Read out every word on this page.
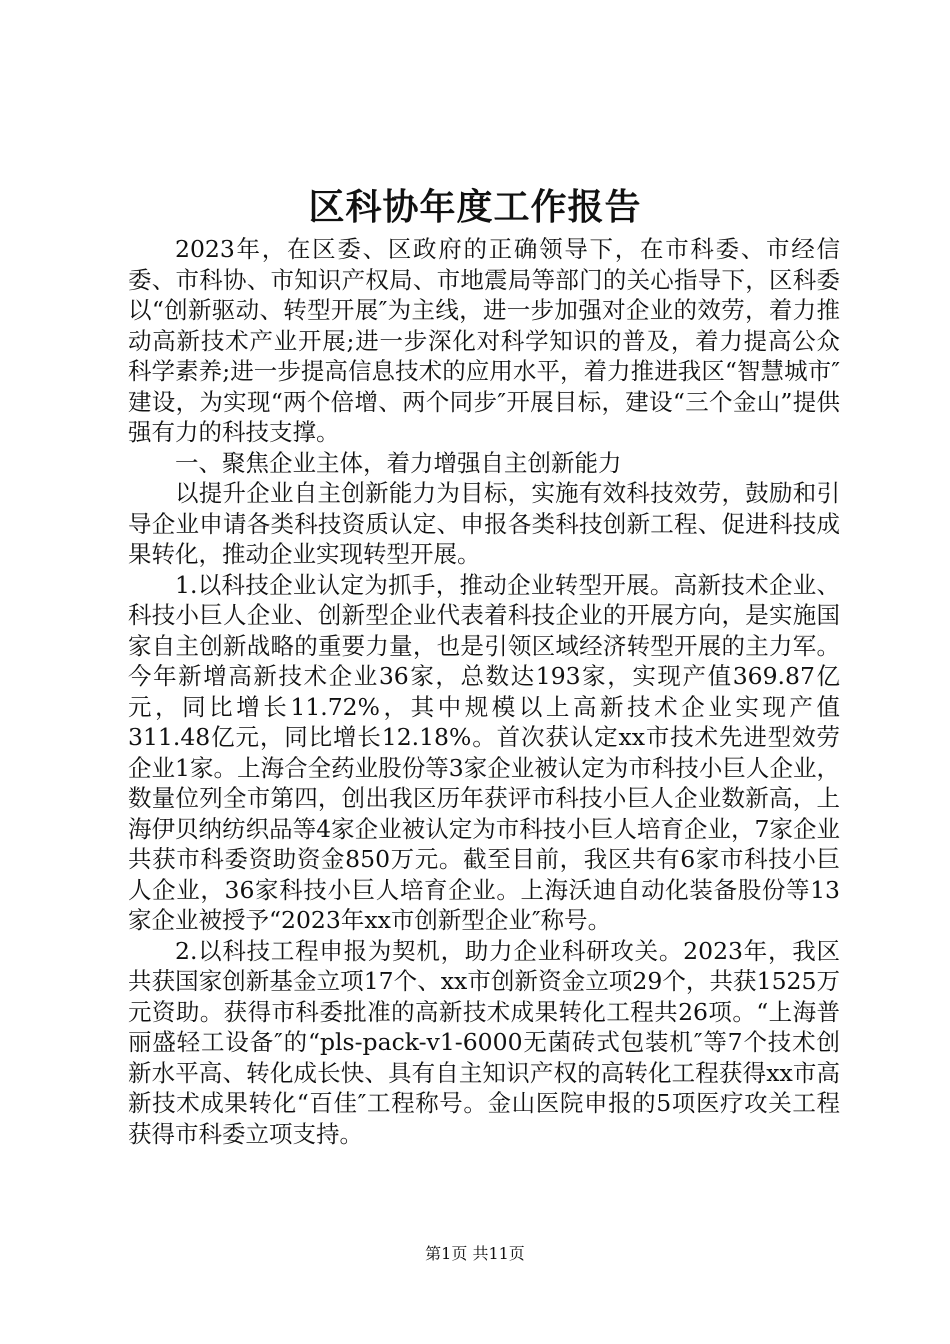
区科协年度工作报告

2023年，在区委、区政府的正确领导下，在市科委、市经信委、市科协、市知识产权局、市地震局等部门的关心指导下，区科委以“创新驱动、转型开展″为主线，进一步加强对企业的效劳，着力推动高新技术产业开展;进一步深化对科学知识的普及，着力提高公众科学素养;进一步提高信息技术的应用水平，着力推进我区“智慧城市″建设，为实现“两个倍增、两个同步″开展目标，建设“三个金山”提供强有力的科技支撑。

一、聚焦企业主体，着力增强自主创新能力

以提升企业自主创新能力为目标，实施有效科技效劳，鼓励和引导企业申请各类科技资质认定、申报各类科技创新工程、促进科技成果转化，推动企业实现转型开展。

1.以科技企业认定为抓手，推动企业转型开展。高新技术企业、科技小巨人企业、创新型企业代表着科技企业的开展方向，是实施国家自主创新战略的重要力量，也是引领区域经济转型开展的主力军。今年新增高新技术企业36家，总数达193家，实现产值369.87亿元，同比增长11.72%，其中规模以上高新技术企业实现产值311.48亿元，同比增长12.18%。首次获认定xx市技术先进型效劳企业1家。上海合全药业股份等3家企业被认定为市科技小巨人企业，数量位列全市第四，创出我区历年获评市科技小巨人企业数新高，上海伊贝纳纺织品等4家企业被认定为市科技小巨人培育企业，7家企业共获市科委资助资金850万元。截至目前，我区共有6家市科技小巨人企业，36家科技小巨人培育企业。上海沃迪自动化装备股份等13家企业被授予“2023年xx市创新型企业″称号。

2.以科技工程申报为契机，助力企业科研攻关。2023年，我区共获国家创新基金立项17个、xx市创新资金立项29个，共获1525万元资助。获得市科委批准的高新技术成果转化工程共26项。“上海普丽盛轻工设备″的“pls-pack-v1-6000无菌砖式包装机″等7个技术创新水平高、转化成长快、具有自主知识产权的高转化工程获得xx市高新技术成果转化“百佳″工程称号。金山医院申报的5项医疗攻关工程获得市科委立项支持。

第1页 共11页
